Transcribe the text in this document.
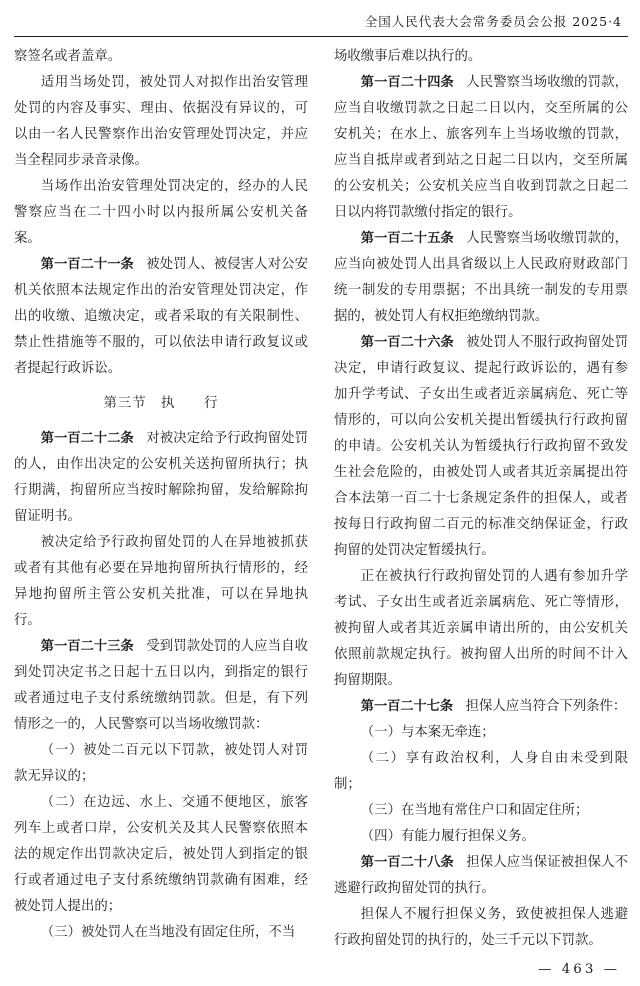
全国人民代表大会常务委员会公报 2025·4

察签名或者盖章。

适用当场处罚，被处罚人对拟作出治安管理处罚的内容及事实、理由、依据没有异议的，可以由一名人民警察作出治安管理处罚决定，并应当全程同步录音录像。

当场作出治安管理处罚决定的，经办的人民警察应当在二十四小时以内报所属公安机关备案。

第一百二十一条 被处罚人、被侵害人对公安机关依照本法规定作出的治安管理处罚决定，作出的收缴、追缴决定，或者采取的有关限制性、禁止性措施等不服的，可以依法申请行政复议或者提起行政诉讼。

第三节　执　　行

第一百二十二条 对被决定给予行政拘留处罚的人，由作出决定的公安机关送拘留所执行；执行期满，拘留所应当按时解除拘留，发给解除拘留证明书。

被决定给予行政拘留处罚的人在异地被抓获或者有其他有必要在异地拘留所执行情形的，经异地拘留所主管公安机关批准，可以在异地执行。

第一百二十三条 受到罚款处罚的人应当自收到处罚决定书之日起十五日以内，到指定的银行或者通过电子支付系统缴纳罚款。但是，有下列情形之一的，人民警察可以当场收缴罚款：

（一）被处二百元以下罚款，被处罚人对罚款无异议的；

（二）在边远、水上、交通不便地区，旅客列车上或者口岸，公安机关及其人民警察依照本法的规定作出罚款决定后，被处罚人到指定的银行或者通过电子支付系统缴纳罚款确有困难，经被处罚人提出的；

（三）被处罚人在当地没有固定住所，不当

场收缴事后难以执行的。

第一百二十四条 人民警察当场收缴的罚款，应当自收缴罚款之日起二日以内，交至所属的公安机关；在水上、旅客列车上当场收缴的罚款，应当自抵岸或者到站之日起二日以内，交至所属的公安机关；公安机关应当自收到罚款之日起二日以内将罚款缴付指定的银行。

第一百二十五条 人民警察当场收缴罚款的，应当向被处罚人出具省级以上人民政府财政部门统一制发的专用票据；不出具统一制发的专用票据的，被处罚人有权拒绝缴纳罚款。

第一百二十六条 被处罚人不服行政拘留处罚决定，申请行政复议、提起行政诉讼的，遇有参加升学考试、子女出生或者近亲属病危、死亡等情形的，可以向公安机关提出暂缓执行行政拘留的申请。公安机关认为暂缓执行行政拘留不致发生社会危险的，由被处罚人或者其近亲属提出符合本法第一百二十七条规定条件的担保人，或者按每日行政拘留二百元的标准交纳保证金，行政拘留的处罚决定暂缓执行。

正在被执行行政拘留处罚的人遇有参加升学考试、子女出生或者近亲属病危、死亡等情形，被拘留人或者其近亲属申请出所的，由公安机关依照前款规定执行。被拘留人出所的时间不计入拘留期限。

第一百二十七条 担保人应当符合下列条件：

（一）与本案无牵连；

（二）享有政治权利，人身自由未受到限制；

（三）在当地有常住户口和固定住所；

（四）有能力履行担保义务。

第一百二十八条 担保人应当保证被担保人不逃避行政拘留处罚的执行。

担保人不履行担保义务，致使被担保人逃避行政拘留处罚的执行的，处三千元以下罚款。

— 463 —
